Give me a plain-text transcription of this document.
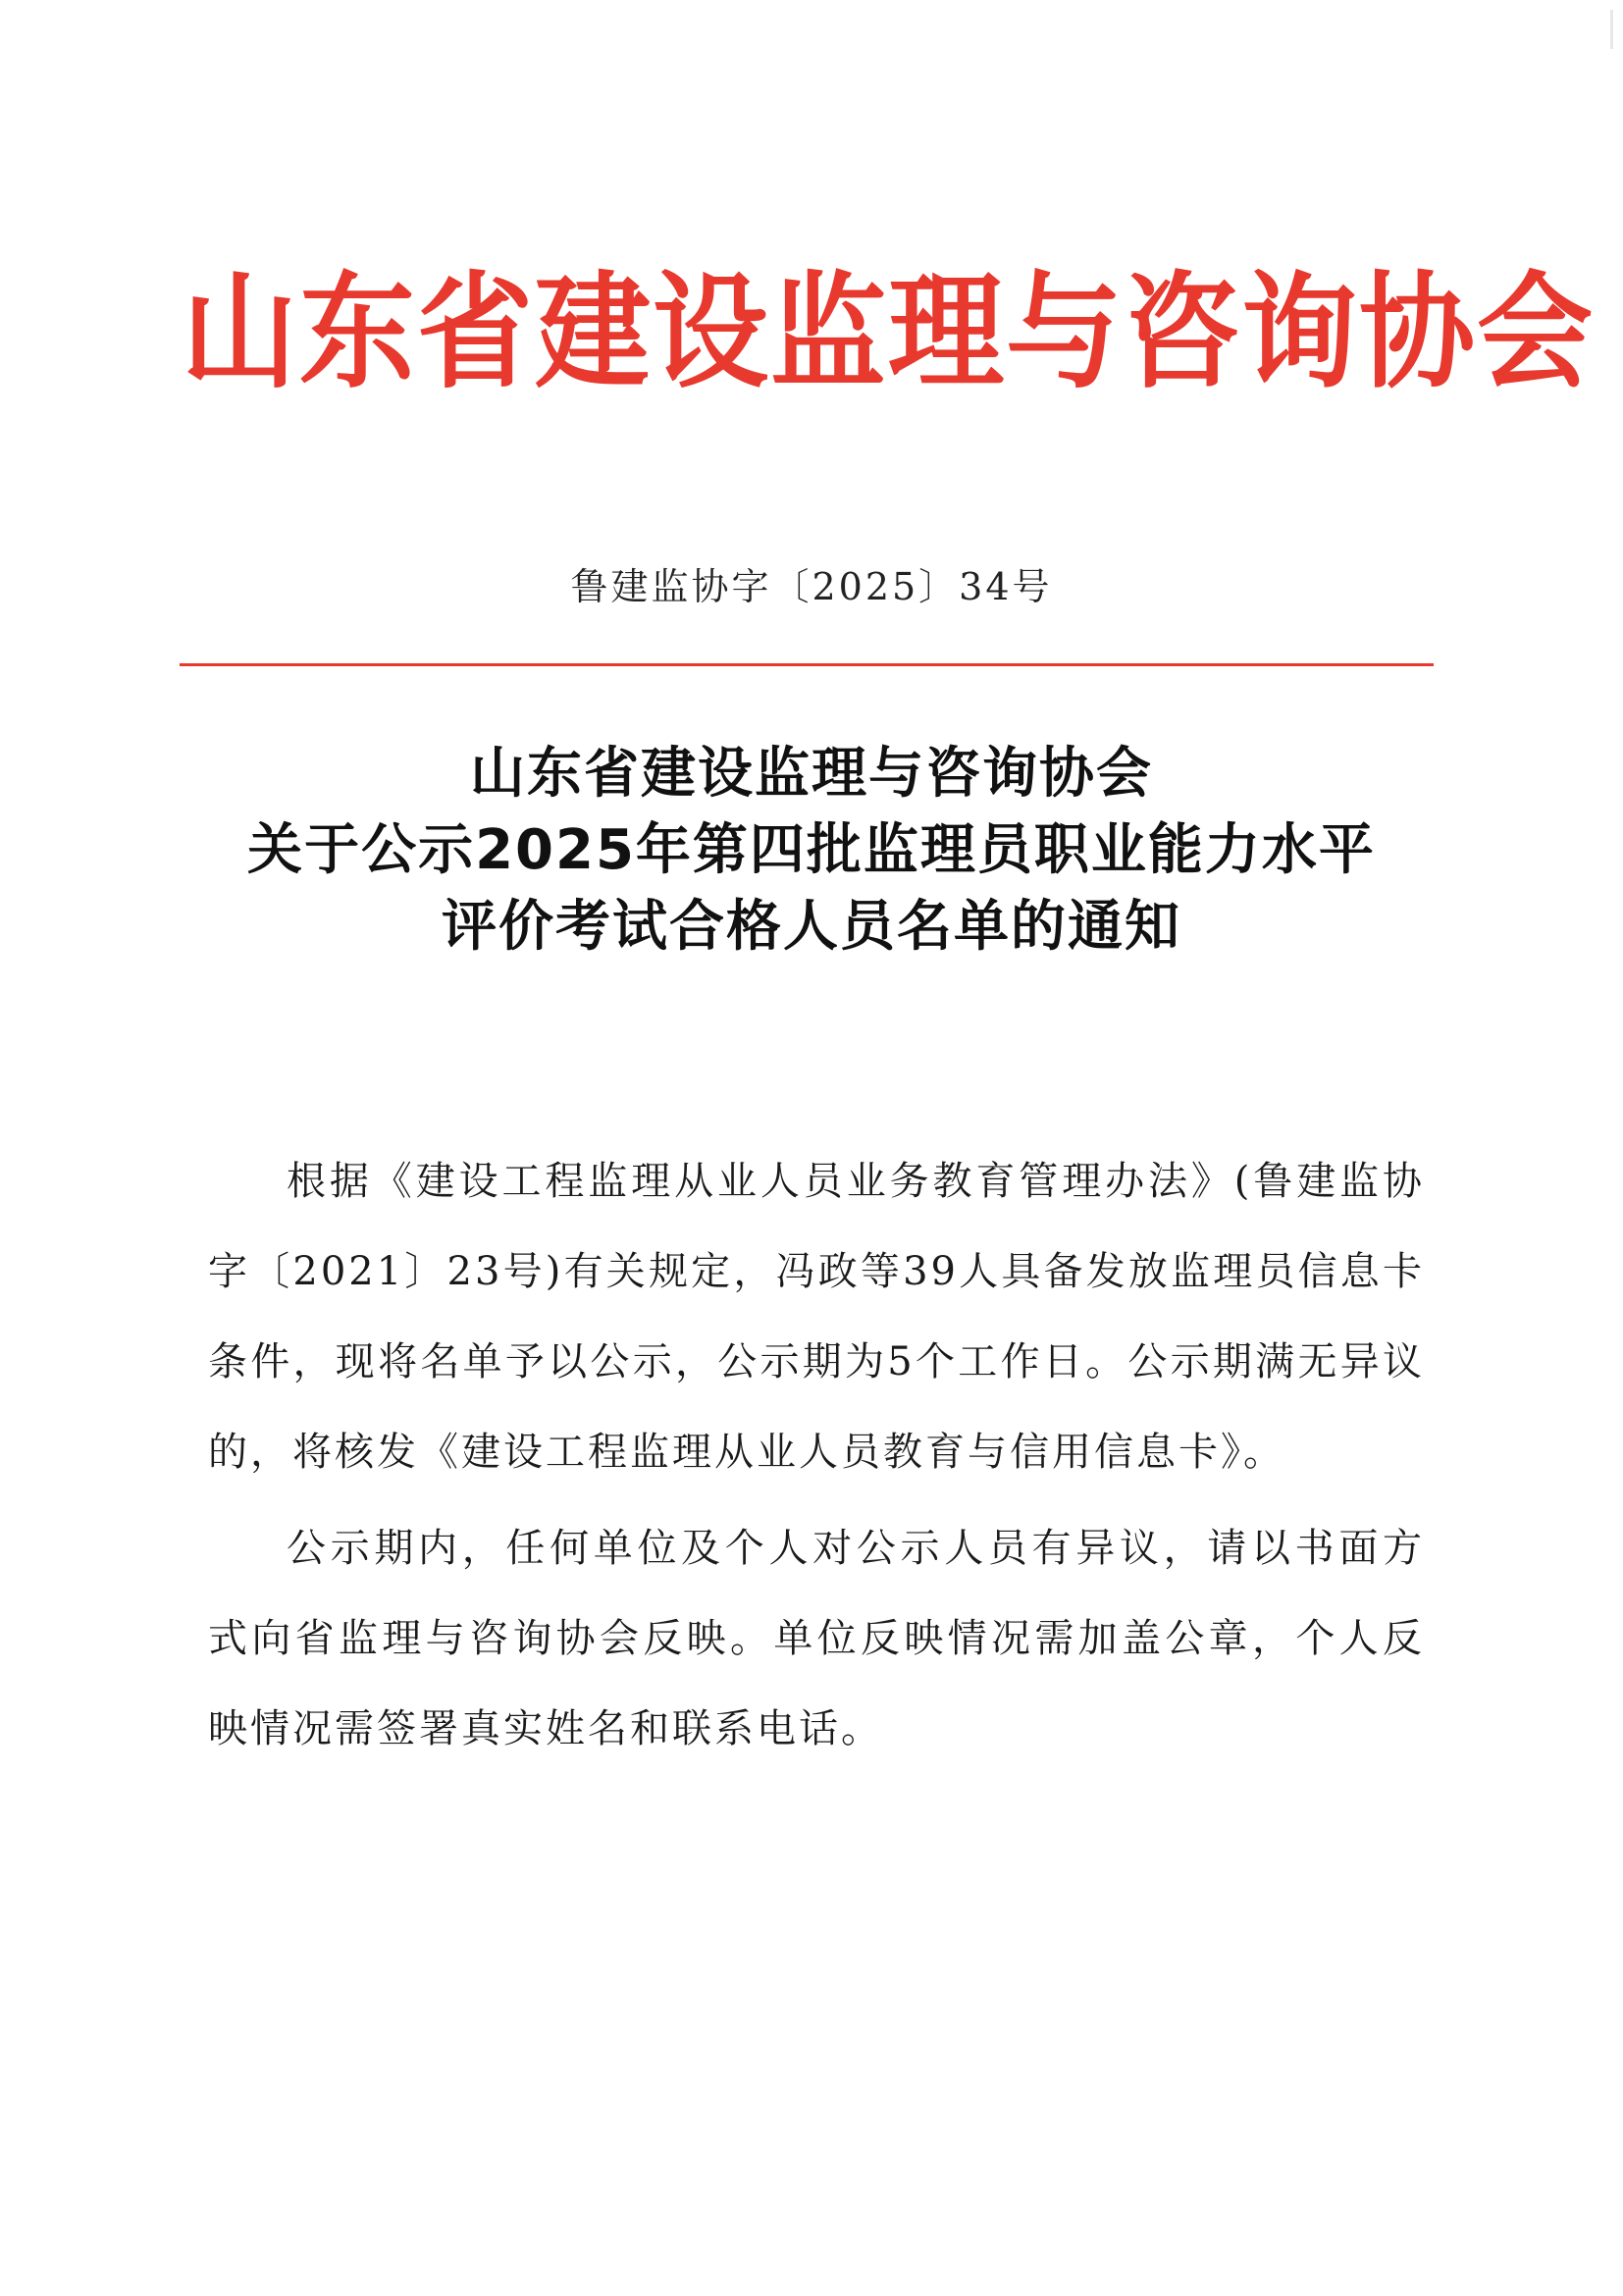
山东省建设监理与咨询协会
鲁建监协字〔2025〕34号
山东省建设监理与咨询协会
关于公示2025年第四批监理员职业能力水平
评价考试合格人员名单的通知

根据《建设工程监理从业人员业务教育管理办法》(鲁建监协字〔2021〕23号)有关规定，冯政等39人具备发放监理员信息卡条件，现将名单予以公示，公示期为5个工作日。公示期满无异议的，将核发《建设工程监理从业人员教育与信用信息卡》。

公示期内，任何单位及个人对公示人员有异议，请以书面方式向省监理与咨询协会反映。单位反映情况需加盖公章，个人反映情况需签署真实姓名和联系电话。
